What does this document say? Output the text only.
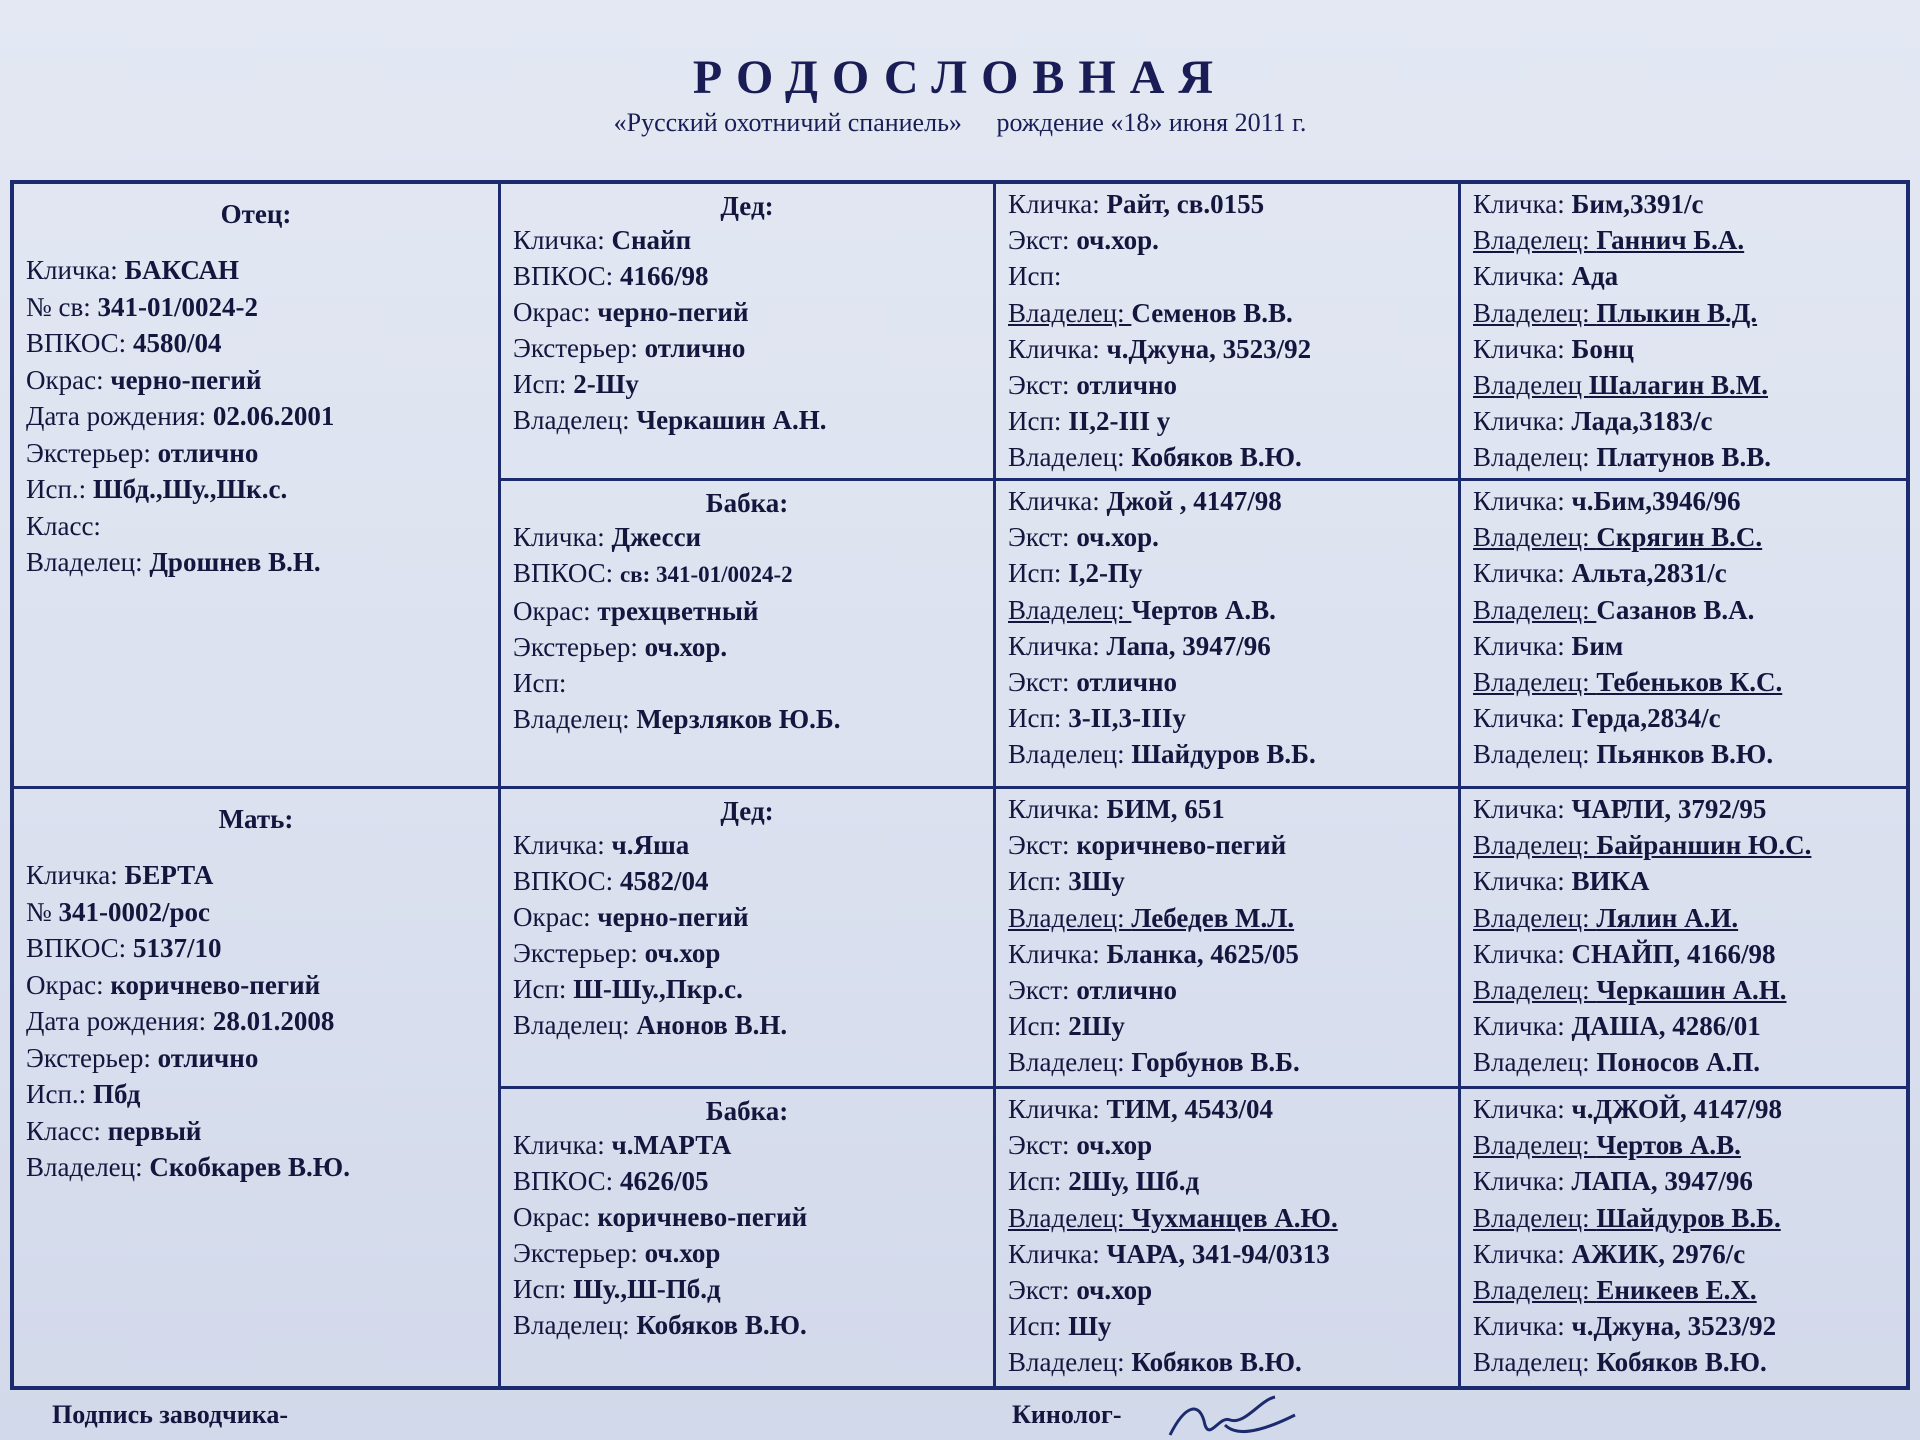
РОДОСЛОВНАЯ
«Русский охотничий спаниель» рождение «18» июня 2011 г.
Отец:
Кличка: БАКСАН
№ св: 341-01/0024-2
ВПКОС: 4580/04
Окрас: черно-пегий
Дата рождения: 02.06.2001
Экстерьер: отлично
Исп.: Шбд.,Шу.,Шк.с.
Класс:
Владелец: Дрошнев В.Н.
Мать:
Кличка: БЕРТА
№ 341-0002/рос
ВПКОС: 5137/10
Окрас: коричнево-пегий
Дата рождения: 28.01.2008
Экстерьер: отлично
Исп.: Пбд
Класс: первый
Владелец: Скобкарев В.Ю.
Дед:
Кличка: Снайп
ВПКОС: 4166/98
Окрас: черно-пегий
Экстерьер: отлично
Исп: 2-Шу
Владелец: Черкашин А.Н.
Бабка:
Кличка: Джесси
ВПКОС: св: 341-01/0024-2
Окрас: трехцветный
Экстерьер: оч.хор.
Исп:
Владелец: Мерзляков Ю.Б.
Дед:
Кличка: ч.Яша
ВПКОС: 4582/04
Окрас: черно-пегий
Экстерьер: оч.хор
Исп: Ш-Шу.,Пкр.с.
Владелец: Анонов В.Н.
Бабка:
Кличка: ч.МАРТА
ВПКОС: 4626/05
Окрас: коричнево-пегий
Экстерьер: оч.хор
Исп: Шу.,Ш-Пб.д
Владелец: Кобяков В.Ю.
Кличка: Райт, св.0155
Экст: оч.хор.
Исп:
Владелец: Семенов В.В.
Кличка: ч.Джуна, 3523/92
Экст: отлично
Исп: II,2-III у
Владелец: Кобяков В.Ю.
Кличка: Джой , 4147/98
Экст: оч.хор.
Исп: I,2-Пу
Владелец: Чертов А.В.
Кличка: Лапа, 3947/96
Экст: отлично
Исп: 3-II,3-IIIу
Владелец: Шайдуров В.Б.
Кличка: БИМ, 651
Экст: коричнево-пегий
Исп: 3Шу
Владелец: Лебедев М.Л.
Кличка: Бланка, 4625/05
Экст: отлично
Исп: 2Шу
Владелец: Горбунов В.Б.
Кличка: ТИМ, 4543/04
Экст: оч.хор
Исп: 2Шу, Шб.д
Владелец: Чухманцев А.Ю.
Кличка: ЧАРА, 341-94/0313
Экст: оч.хор
Исп: Шу
Владелец: Кобяков В.Ю.
Кличка: Бим,3391/с
Владелец: Ганнич Б.А.
Кличка: Ада
Владелец: Плыкин В.Д.
Кличка: Бонц
Владелец Шалагин В.М.
Кличка: Лада,3183/с
Владелец: Платунов В.В.
Кличка: ч.Бим,3946/96
Владелец: Скрягин В.С.
Кличка: Альта,2831/с
Владелец: Сазанов В.А.
Кличка: Бим
Владелец: Тебеньков К.С.
Кличка: Герда,2834/с
Владелец: Пьянков В.Ю.
Кличка: ЧАРЛИ, 3792/95
Владелец: Байраншин Ю.С.
Кличка: ВИКА
Владелец: Лялин А.И.
Кличка: СНАЙП, 4166/98
Владелец: Черкашин А.Н.
Кличка: ДАША, 4286/01
Владелец: Поносов А.П.
Кличка: ч.ДЖОЙ, 4147/98
Владелец: Чертов А.В.
Кличка: ЛАПА, 3947/96
Владелец: Шайдуров В.Б.
Кличка: АЖИК, 2976/с
Владелец: Еникеев Е.Х.
Кличка: ч.Джуна, 3523/92
Владелец: Кобяков В.Ю.
Подпись заводчика-	Кинолог-
